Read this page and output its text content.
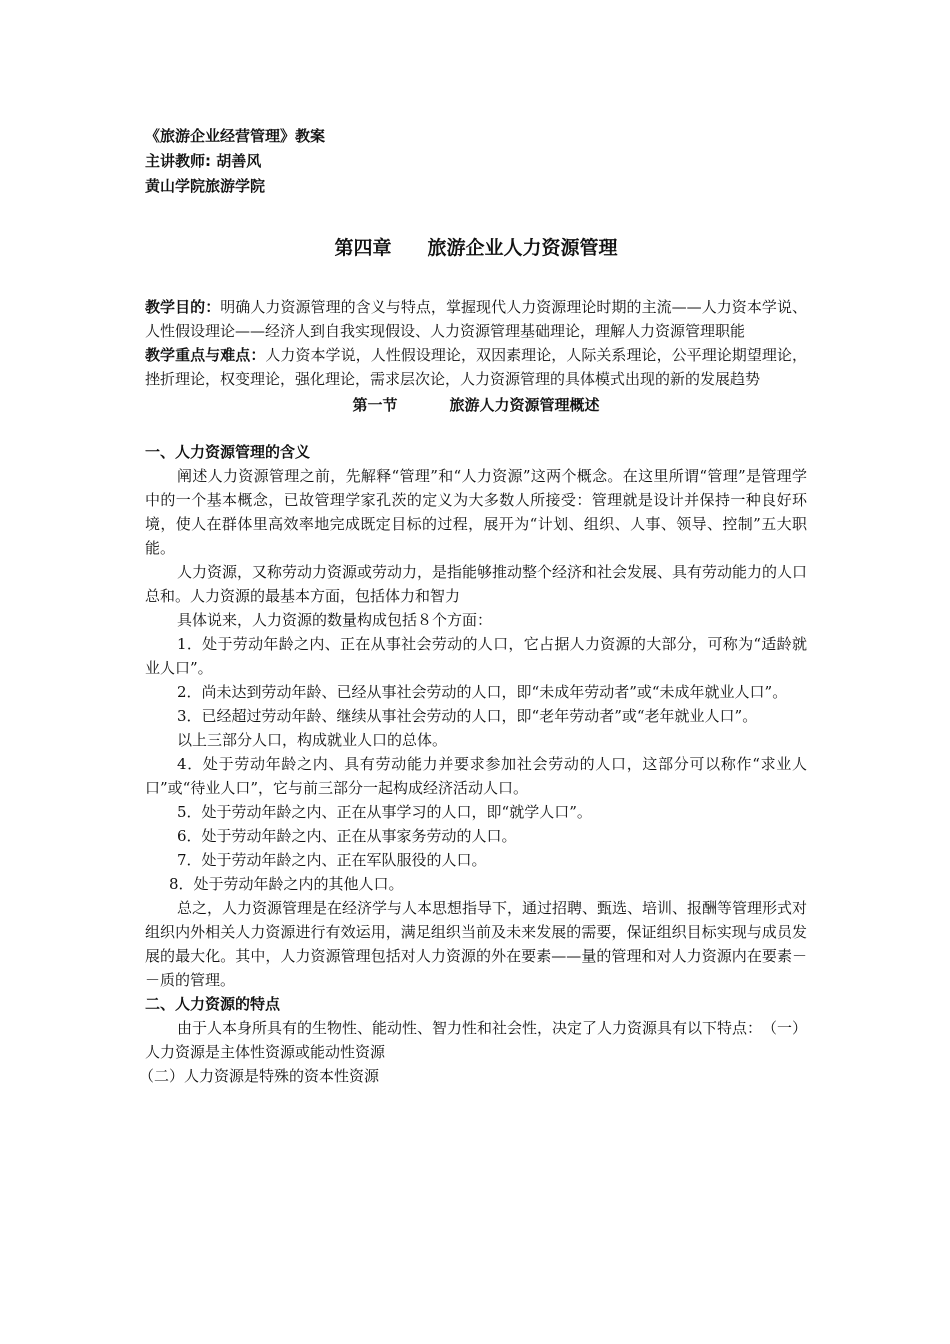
《旅游企业经营管理》教案

主讲教师: 胡善风

黄山学院旅游学院

第四章 旅游企业人力资源管理

教学目的：明确人力资源管理的含义与特点，掌握现代人力资源理论时期的主流——人力资本学说、人性假设理论——经济人到自我实现假设、人力资源管理基础理论，理解人力资源管理职能

教学重点与难点：人力资本学说，人性假设理论，双因素理论，人际关系理论，公平理论期望理论，挫折理论，权变理论，强化理论，需求层次论，人力资源管理的具体模式出现的新的发展趋势

第一节	旅游人力资源管理概述

一、人力资源管理的含义

阐述人力资源管理之前，先解释“管理”和“人力资源”这两个概念。在这里所谓“管理”是管理学中的一个基本概念，已故管理学家孔茨的定义为大多数人所接受：管理就是设计并保持一种良好环境，使人在群体里高效率地完成既定目标的过程，展开为“计划、组织、人事、领导、控制”五大职能。

人力资源，又称劳动力资源或劳动力，是指能够推动整个经济和社会发展、具有劳动能力的人口总和。人力资源的最基本方面，包括体力和智力

具体说来，人力资源的数量构成包括８个方面：

1．处于劳动年龄之内、正在从事社会劳动的人口，它占据人力资源的大部分，可称为“适龄就业人口”。

2．尚未达到劳动年龄、已经从事社会劳动的人口，即“未成年劳动者”或“未成年就业人口”。

3．已经超过劳动年龄、继续从事社会劳动的人口，即“老年劳动者”或“老年就业人口”。

以上三部分人口，构成就业人口的总体。

4．处于劳动年龄之内、具有劳动能力并要求参加社会劳动的人口，这部分可以称作“求业人口”或“待业人口”，它与前三部分一起构成经济活动人口。

5．处于劳动年龄之内、正在从事学习的人口，即“就学人口”。

6．处于劳动年龄之内、正在从事家务劳动的人口。

7．处于劳动年龄之内、正在军队服役的人口。

8．处于劳动年龄之内的其他人口。

总之，人力资源管理是在经济学与人本思想指导下，通过招聘、甄选、培训、报酬等管理形式对组织内外相关人力资源进行有效运用，满足组织当前及未来发展的需要，保证组织目标实现与成员发展的最大化。其中，人力资源管理包括对人力资源的外在要素——量的管理和对人力资源内在要素－－质的管理。

二、人力资源的特点

由于人本身所具有的生物性、能动性、智力性和社会性，决定了人力资源具有以下特点：　（一）人力资源是主体性资源或能动性资源

（二）人力资源是特殊的资本性资源
